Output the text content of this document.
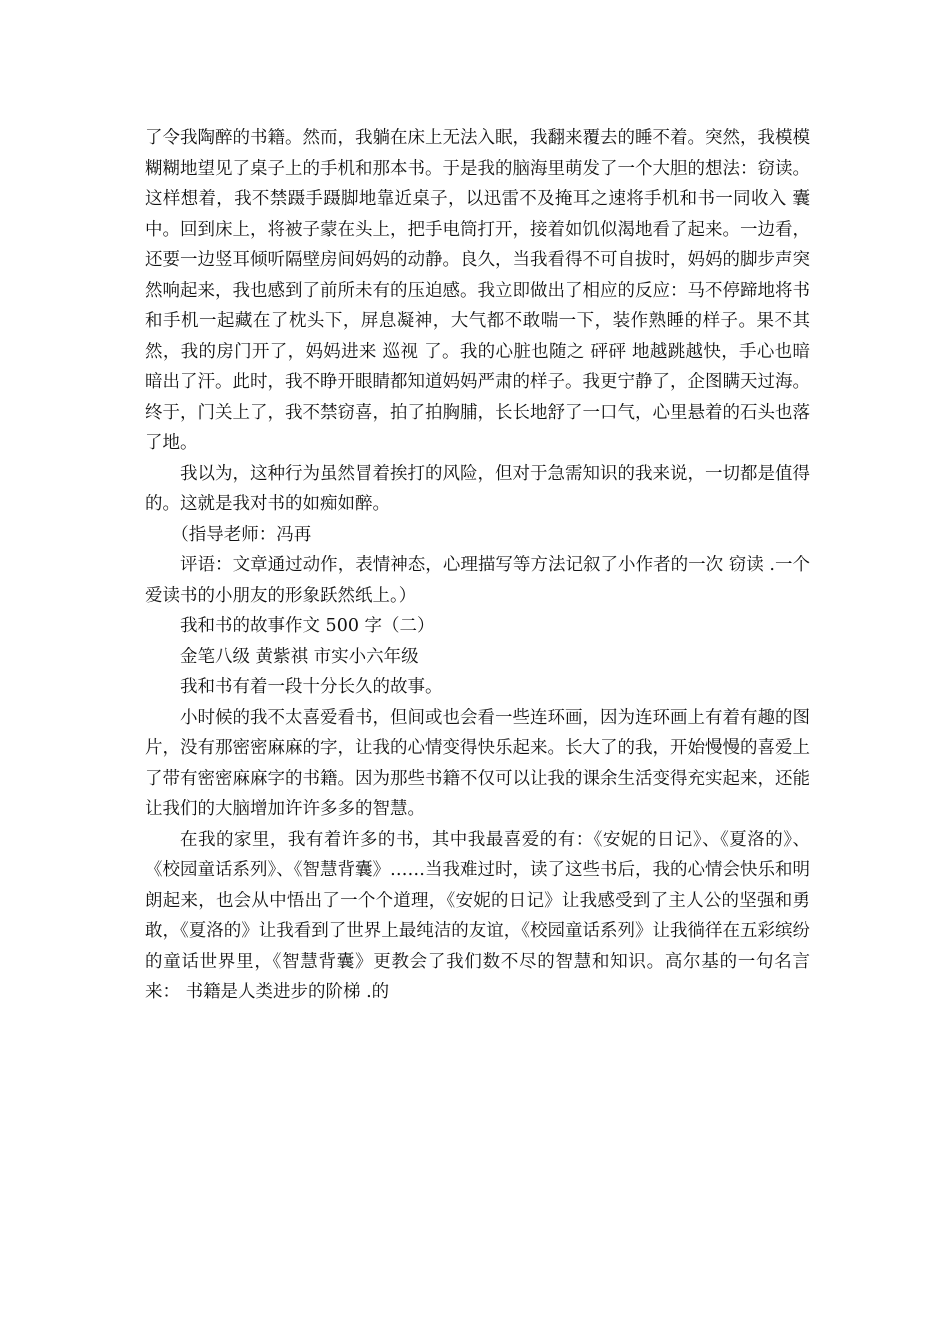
了令我陶醉的书籍。然而，我躺在床上无法入眠，我翻来覆去的睡不着。突然，我模模糊糊地望见了桌子上的手机和那本书。于是我的脑海里萌发了一个大胆的想法：窃读。这样想着，我不禁蹑手蹑脚地靠近桌子，以迅雷不及掩耳之速将手机和书一同收入 囊 中。回到床上，将被子蒙在头上，把手电筒打开，接着如饥似渴地看了起来。一边看，还要一边竖耳倾听隔壁房间妈妈的动静。良久，当我看得不可自拔时，妈妈的脚步声突然响起来，我也感到了前所未有的压迫感。我立即做出了相应的反应：马不停蹄地将书和手机一起藏在了枕头下，屏息凝神，大气都不敢喘一下，装作熟睡的样子。果不其然，我的房门开了，妈妈进来 巡视 了。我的心脏也随之 砰砰 地越跳越快，手心也暗暗出了汗。此时，我不睁开眼睛都知道妈妈严肃的样子。我更宁静了，企图瞒天过海。终于，门关上了，我不禁窃喜，拍了拍胸脯，长长地舒了一口气，心里悬着的石头也落了地。

我以为，这种行为虽然冒着挨打的风险，但对于急需知识的我来说，一切都是值得的。这就是我对书的如痴如醉。

（指导老师：冯再

评语：文章通过动作，表情神态，心理描写等方法记叙了小作者的一次 窃读 .一个爱读书的小朋友的形象跃然纸上。）

我和书的故事作文 500 字（二）

金笔八级 黄紫祺 市实小六年级

我和书有着一段十分长久的故事。

小时候的我不太喜爱看书，但间或也会看一些连环画，因为连环画上有着有趣的图片，没有那密密麻麻的字，让我的心情变得快乐起来。长大了的我，开始慢慢的喜爱上了带有密密麻麻字的书籍。因为那些书籍不仅可以让我的课余生活变得充实起来，还能让我们的大脑增加许许多多的智慧。

在我的家里，我有着许多的书，其中我最喜爱的有：《安妮的日记》、《夏洛的》、《校园童话系列》、《智慧背囊》……当我难过时，读了这些书后，我的心情会快乐和明朗起来，也会从中悟出了一个个道理，《安妮的日记》让我感受到了主人公的坚强和勇敢，《夏洛的》让我看到了世界上最纯洁的友谊，《校园童话系列》让我徜徉在五彩缤纷的童话世界里，《智慧背囊》更教会了我们数不尽的智慧和知识。高尔基的一句名言来： 书籍是人类进步的阶梯 .的
